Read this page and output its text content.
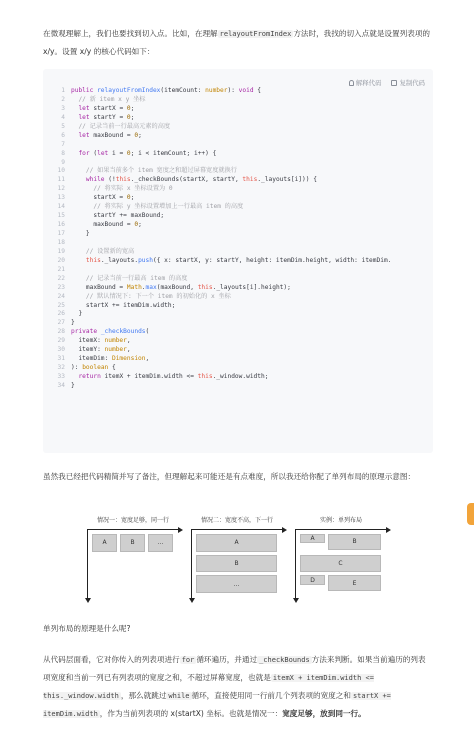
在微观理解上，我们也要找到切入点。比如，在理解 relayoutFromIndex 方法时，我找的切入点就是设置列表项的 x/y。设置 x/y 的核心代码如下：

解释代码	复制代码
1 public relayoutFromIndex(itemCount: number): void {
2 // 新 item x y 坐标
3	let startX = 0;
4	let startY = 0;
5 // 记录当前一行最高元素的高度
6	let maxBound = 0;
7
8	for (let i = 0; i < itemCount; i++) {
9
10 // 如果当前多个 item 宽度之和超过屏幕宽度就换行
11	while (!this._checkBounds(startX, startY, this._layouts[i])) {
12 // 将实际 x 坐标设置为 0
13 startX = 0;
14 // 将实际 y 坐标设置增加上一行最高 item 的高度
15 startY += maxBound;
16 maxBound = 0;
17 }
18
19 // 设置新的宽高
20	this._layouts.push({ x: startX, y: startY, height: itemDim.height, width: itemDim.
21
22 // 记录当前一行最高 item 的高度
23 maxBound = Math.max(maxBound, this._layouts[i].height);
24 // 默认情况下: 下一个 item 的初始化的 x 坐标
25 startX += itemDim.width;
26 }
27 }
28 private _checkBounds(
29 itemX: number,
30 itemY: number,
31 itemDim: Dimension,
32 ): boolean {
33	return itemX + itemDim.width <= this._window.width;
34 }

虽然我已经把代码精简并写了备注，但理解起来可能还是有点难度，所以我还给你配了单列布局的原理示意图：

情况一：宽度足够，同一行
A	B	...
情况二：宽度不高，下一行
A
B
...
实例：单列布局
A	B
C
D	E

单列布局的原理是什么呢?

从代码层面看，它对你传入的列表项进行 for 循环遍历，并通过 _checkBounds 方法来判断。如果当前遍历的列表项宽度和当前一列已有列表项的宽度之和，不超过屏幕宽度，也就是 itemX + itemDim.width <= this._window.width ，那么就跳过 while 循环，直接使用同一行前几个列表项的宽度之和 startX += itemDim.width ，作为当前列表项的 x(startX) 坐标。也就是情况一：宽度足够，放到同一行。
